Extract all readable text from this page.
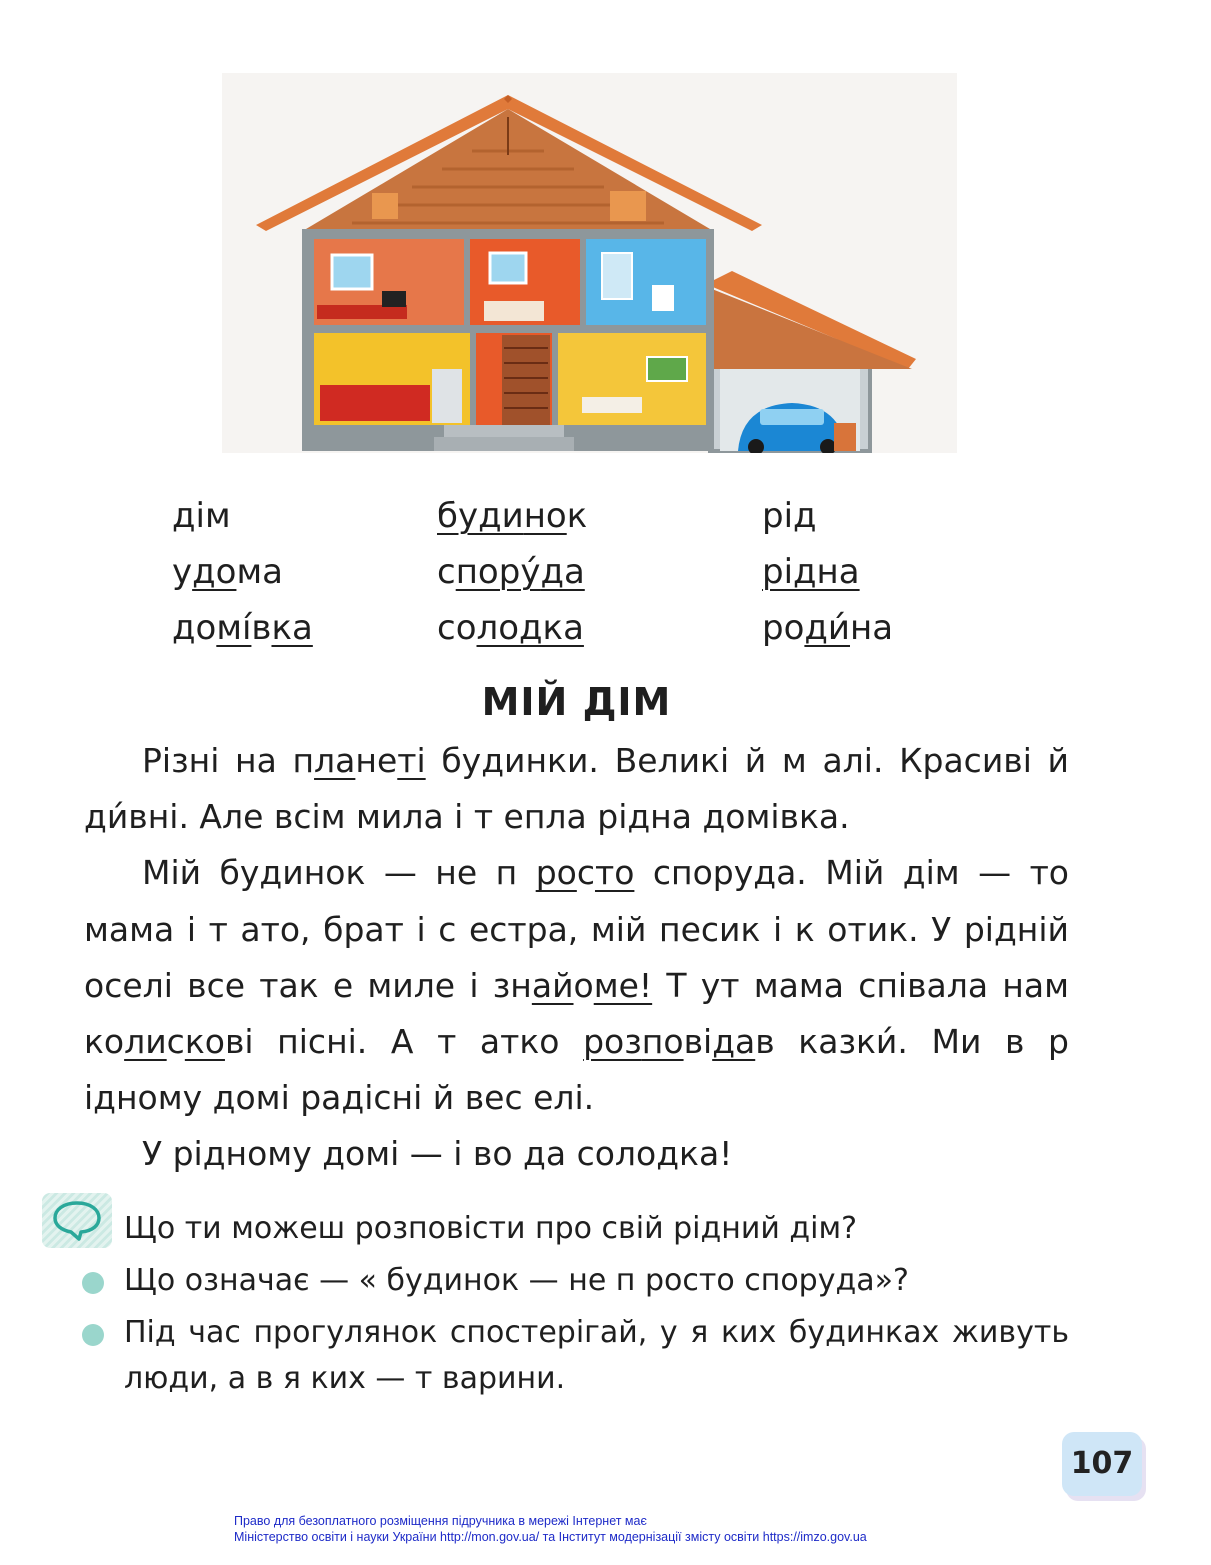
дім
удома
домі́вка
будинок
спору́да
солодка
рід
рідна
роди́на
МІЙ ДІМ

Різні на планеті будинки. Великі й м алі. Красиві й ди́вні. Але всім мила і т епла рідна домівка.

Мій будинок — не п росто споруда. Мій дім — то мама і т ато, брат і с естра, мій песик і к отик. У рідній оселі все так е миле і знайоме! Т ут мама співала нам колискові пісні. А т атко розповідав казки́. Ми в р ідному домі радісні й вес елі.

У рідному домі — і во да солодка!

Що ти можеш розповісти про свій рідний дім?
Що означає — « будинок — не п росто споруда»?
Під час прогулянок спостерігай, у я ких будинках живуть люди, а в я ких — т варини.
107
Право для безоплатного розміщення підручника в мережі Інтернет має
Міністерство освіти і науки України http://mon.gov.ua/ та Інститут модернізації змісту освіти https://imzo.gov.ua
